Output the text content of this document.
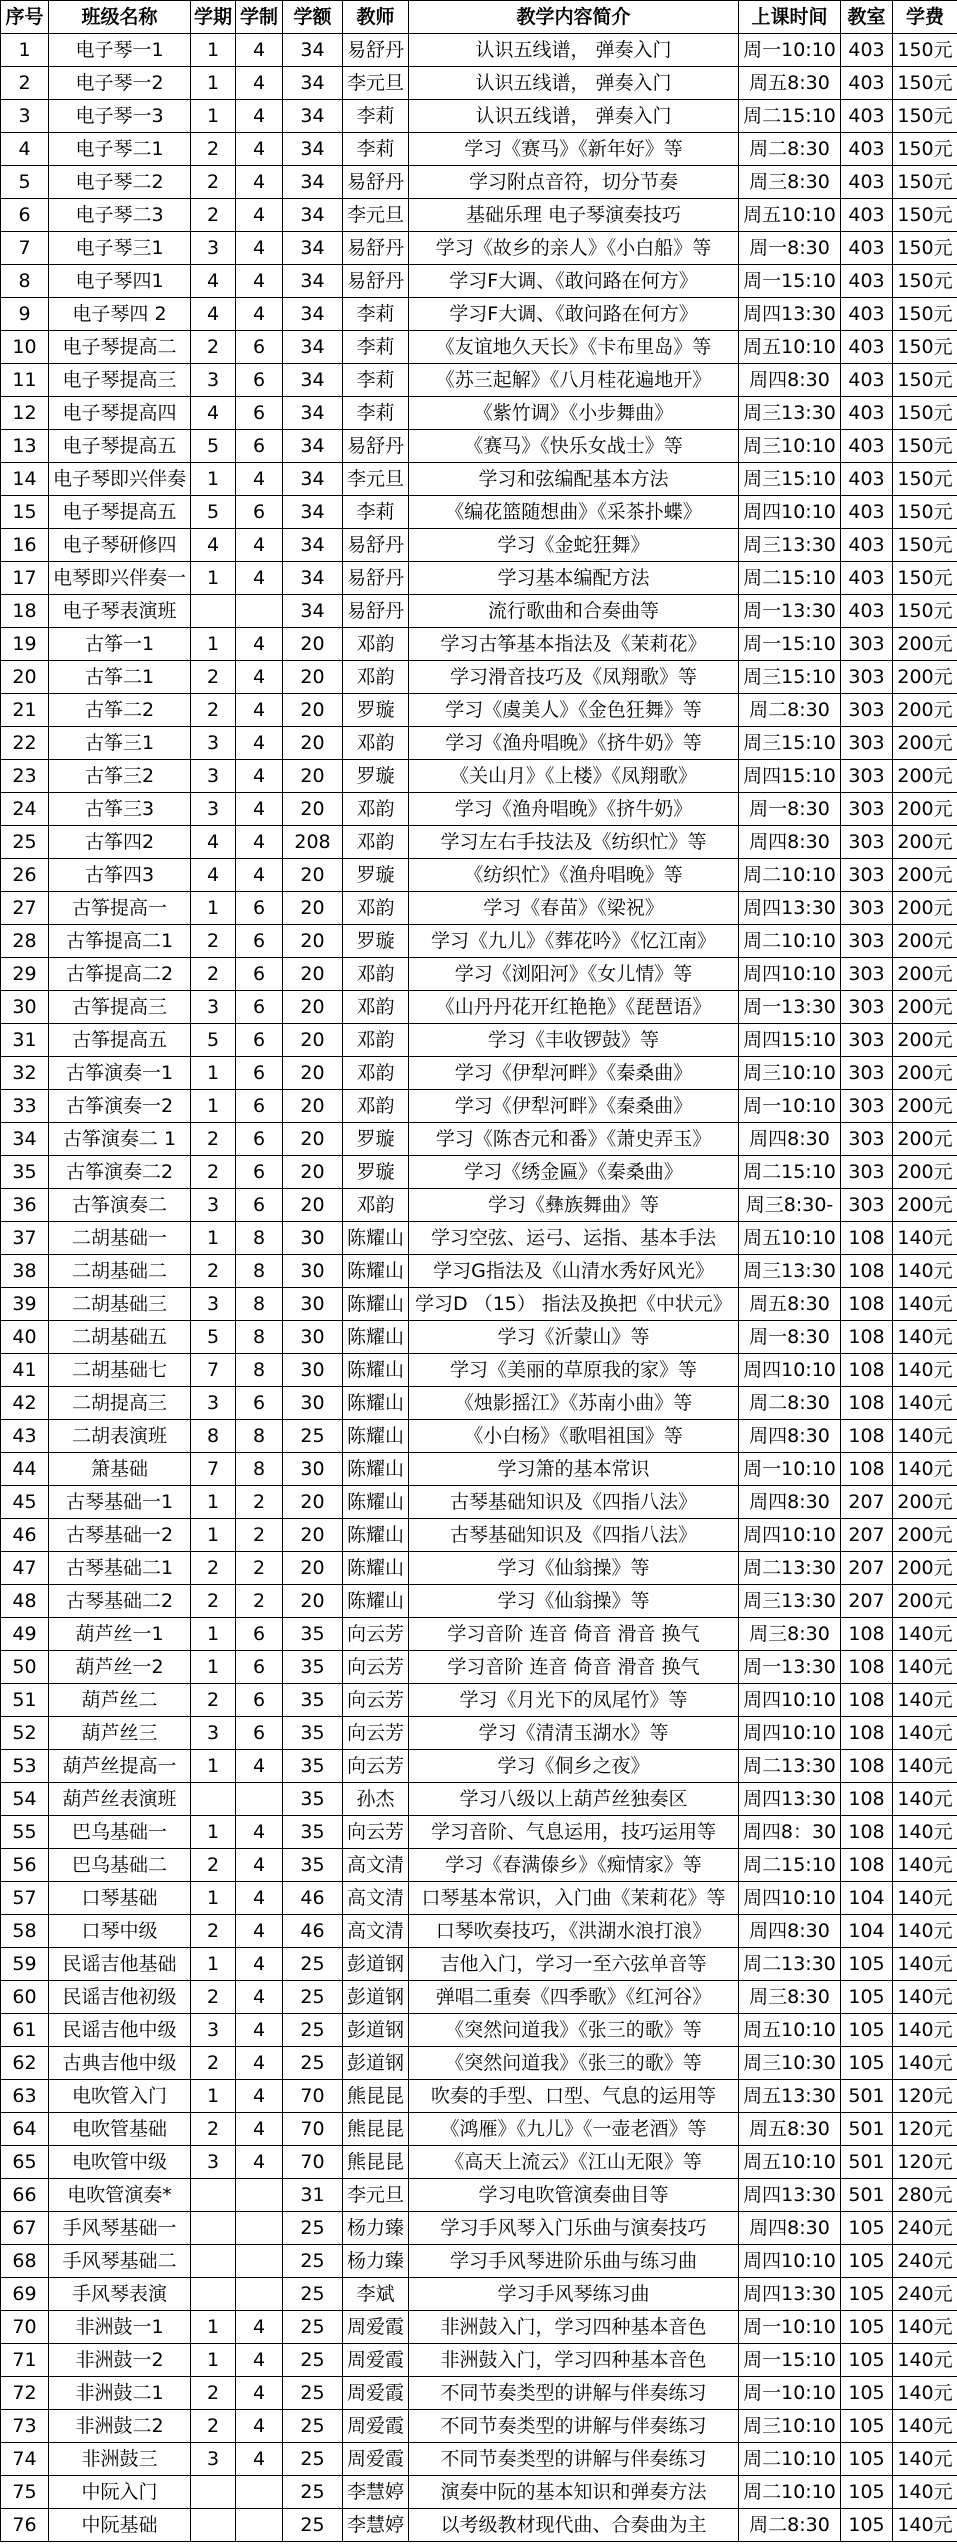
序号	班级名称	学期	学制	学额	教师	教学内容简介	上课时间	教室	学费
1	电子琴一1	1	4	34	易舒丹	认识五线谱， 弹奏入门	周一10:10	403	150元
2	电子琴一2	1	4	34	李元旦	认识五线谱， 弹奏入门	周五8:30	403	150元
3	电子琴一3	1	4	34	李莉	认识五线谱， 弹奏入门	周二15:10	403	150元
4	电子琴二1	2	4	34	李莉	学习《赛马》《新年好》等	周二8:30	403	150元
5	电子琴二2	2	4	34	易舒丹	学习附点音符，切分节奏	周三8:30	403	150元
6	电子琴二3	2	4	34	李元旦	基础乐理 电子琴演奏技巧	周五10:10	403	150元
7	电子琴三1	3	4	34	易舒丹	学习《故乡的亲人》《小白船》等	周一8:30	403	150元
8	电子琴四1	4	4	34	易舒丹	学习F大调、《敢问路在何方》	周一15:10	403	150元
9	电子琴四 2	4	4	34	李莉	学习F大调、《敢问路在何方》	周四13:30	403	150元
10	电子琴提高二	2	6	34	李莉	《友谊地久天长》《卡布里岛》等	周五10:10	403	150元
11	电子琴提高三	3	6	34	李莉	《苏三起解》《八月桂花遍地开》	周四8:30	403	150元
12	电子琴提高四	4	6	34	李莉	《紫竹调》《小步舞曲》	周三13:30	403	150元
13	电子琴提高五	5	6	34	易舒丹	《赛马》《快乐女战士》等	周三10:10	403	150元
14	电子琴即兴伴奏	1	4	34	李元旦	学习和弦编配基本方法	周三15:10	403	150元
15	电子琴提高五	5	6	34	李莉	《编花篮随想曲》《采茶扑蝶》	周四10:10	403	150元
16	电子琴研修四	4	4	34	易舒丹	学习《金蛇狂舞》	周三13:30	403	150元
17	电琴即兴伴奏一	1	4	34	易舒丹	学习基本编配方法	周二15:10	403	150元
18	电子琴表演班			34	易舒丹	流行歌曲和合奏曲等	周一13:30	403	150元
19	古筝一1	1	4	20	邓韵	学习古筝基本指法及《茉莉花》	周一15:10	303	200元
20	古筝二1	2	4	20	邓韵	学习滑音技巧及《凤翔歌》等	周三15:10	303	200元
21	古筝二2	2	4	20	罗璇	学习《虞美人》《金色狂舞》等	周二8:30	303	200元
22	古筝三1	3	4	20	邓韵	学习《渔舟唱晚》《挤牛奶》等	周三15:10	303	200元
23	古筝三2	3	4	20	罗璇	《关山月》《上楼》《凤翔歌》	周四15:10	303	200元
24	古筝三3	3	4	20	邓韵	学习《渔舟唱晚》《挤牛奶》	周一8:30	303	200元
25	古筝四2	4	4	208	邓韵	学习左右手技法及《纺织忙》等	周四8:30	303	200元
26	古筝四3	4	4	20	罗璇	《纺织忙》《渔舟唱晚》等	周二10:10	303	200元
27	古筝提高一	1	6	20	邓韵	学习《春苗》《梁祝》	周四13:30	303	200元
28	古筝提高二1	2	6	20	罗璇	学习《九儿》《葬花吟》《忆江南》	周二10:10	303	200元
29	古筝提高二2	2	6	20	邓韵	学习《浏阳河》《女儿情》等	周四10:10	303	200元
30	古筝提高三	3	6	20	邓韵	《山丹丹花开红艳艳》《琵琶语》	周一13:30	303	200元
31	古筝提高五	5	6	20	邓韵	学习《丰收锣鼓》等	周四15:10	303	200元
32	古筝演奏一1	1	6	20	邓韵	学习《伊犁河畔》《秦桑曲》	周三10:10	303	200元
33	古筝演奏一2	1	6	20	邓韵	学习《伊犁河畔》《秦桑曲》	周一10:10	303	200元
34	古筝演奏二 1	2	6	20	罗璇	学习《陈杏元和番》《萧史弄玉》	周四8:30	303	200元
35	古筝演奏二2	2	6	20	罗璇	学习《绣金匾》《秦桑曲》	周二15:10	303	200元
36	古筝演奏二	3	6	20	邓韵	学习《彝族舞曲》等	周三8:30-	303	200元
37	二胡基础一	1	8	30	陈耀山	学习空弦、运弓、运指、基本手法	周五10:10	108	140元
38	二胡基础二	2	8	30	陈耀山	学习G指法及《山清水秀好风光》	周三13:30	108	140元
39	二胡基础三	3	8	30	陈耀山	学习D （15） 指法及换把《中状元》	周五8:30	108	140元
40	二胡基础五	5	8	30	陈耀山	学习《沂蒙山》等	周一8:30	108	140元
41	二胡基础七	7	8	30	陈耀山	学习《美丽的草原我的家》等	周四10:10	108	140元
42	二胡提高三	3	6	30	陈耀山	《烛影摇江》《苏南小曲》等	周二8:30	108	140元
43	二胡表演班	8	8	25	陈耀山	《小白杨》《歌唱祖国》等	周四8:30	108	140元
44	箫基础	7	8	30	陈耀山	学习箫的基本常识	周一10:10	108	140元
45	古琴基础一1	1	2	20	陈耀山	古琴基础知识及《四指八法》	周四8:30	207	200元
46	古琴基础一2	1	2	20	陈耀山	古琴基础知识及《四指八法》	周四10:10	207	200元
47	古琴基础二1	2	2	20	陈耀山	学习《仙翁操》等	周二13:30	207	200元
48	古琴基础二2	2	2	20	陈耀山	学习《仙翁操》等	周三13:30	207	200元
49	葫芦丝一1	1	6	35	向云芳	学习音阶 连音 倚音 滑音 换气	周三8:30	108	140元
50	葫芦丝一2	1	6	35	向云芳	学习音阶 连音 倚音 滑音 换气	周一13:30	108	140元
51	葫芦丝二	2	6	35	向云芳	学习《月光下的凤尾竹》等	周四10:10	108	140元
52	葫芦丝三	3	6	35	向云芳	学习《清清玉湖水》等	周四10:10	108	140元
53	葫芦丝提高一	1	4	35	向云芳	学习《侗乡之夜》	周二13:30	108	140元
54	葫芦丝表演班			35	孙杰	学习八级以上葫芦丝独奏区	周四13:30	108	140元
55	巴乌基础一	1	4	35	向云芳	学习音阶、气息运用，技巧运用等	周四8：30	108	140元
56	巴乌基础二	2	4	35	高文清	学习《春满傣乡》《痴情家》等	周二15:10	108	140元
57	口琴基础	1	4	46	高文清	口琴基本常识，入门曲《茉莉花》等	周四10:10	104	140元
58	口琴中级	2	4	46	高文清	口琴吹奏技巧，《洪湖水浪打浪》	周四8:30	104	140元
59	民谣吉他基础	1	4	25	彭道钢	吉他入门，学习一至六弦单音等	周二13:30	105	140元
60	民谣吉他初级	2	4	25	彭道钢	弹唱二重奏《四季歌》《红河谷》	周三8:30	105	140元
61	民谣吉他中级	3	4	25	彭道钢	《突然问道我》《张三的歌》等	周五10:10	105	140元
62	古典吉他中级	2	4	25	彭道钢	《突然问道我》《张三的歌》等	周三10:30	105	140元
63	电吹管入门	1	4	70	熊昆昆	吹奏的手型、口型、气息的运用等	周五13:30	501	120元
64	电吹管基础	2	4	70	熊昆昆	《鸿雁》《九儿》《一壶老酒》等	周五8:30	501	120元
65	电吹管中级	3	4	70	熊昆昆	《高天上流云》《江山无限》等	周五10:10	501	120元
66	电吹管演奏*			31	李元旦	学习电吹管演奏曲目等	周四13:30	501	280元
67	手风琴基础一			25	杨力臻	学习手风琴入门乐曲与演奏技巧	周四8:30	105	240元
68	手风琴基础二			25	杨力臻	学习手风琴进阶乐曲与练习曲	周四10:10	105	240元
69	手风琴表演			25	李斌	学习手风琴练习曲	周四13:30	105	240元
70	非洲鼓一1	1	4	25	周爱霞	非洲鼓入门，学习四种基本音色	周一10:10	105	140元
71	非洲鼓一2	1	4	25	周爱霞	非洲鼓入门，学习四种基本音色	周一15:10	105	140元
72	非洲鼓二1	2	4	25	周爱霞	不同节奏类型的讲解与伴奏练习	周一10:10	105	140元
73	非洲鼓二2	2	4	25	周爱霞	不同节奏类型的讲解与伴奏练习	周三10:10	105	140元
74	非洲鼓三	3	4	25	周爱霞	不同节奏类型的讲解与伴奏练习	周二10:10	105	140元
75	中阮入门			25	李慧婷	演奏中阮的基本知识和弹奏方法	周二10:10	105	140元
76	中阮基础			25	李慧婷	以考级教材现代曲、合奏曲为主	周二8:30	105	140元
